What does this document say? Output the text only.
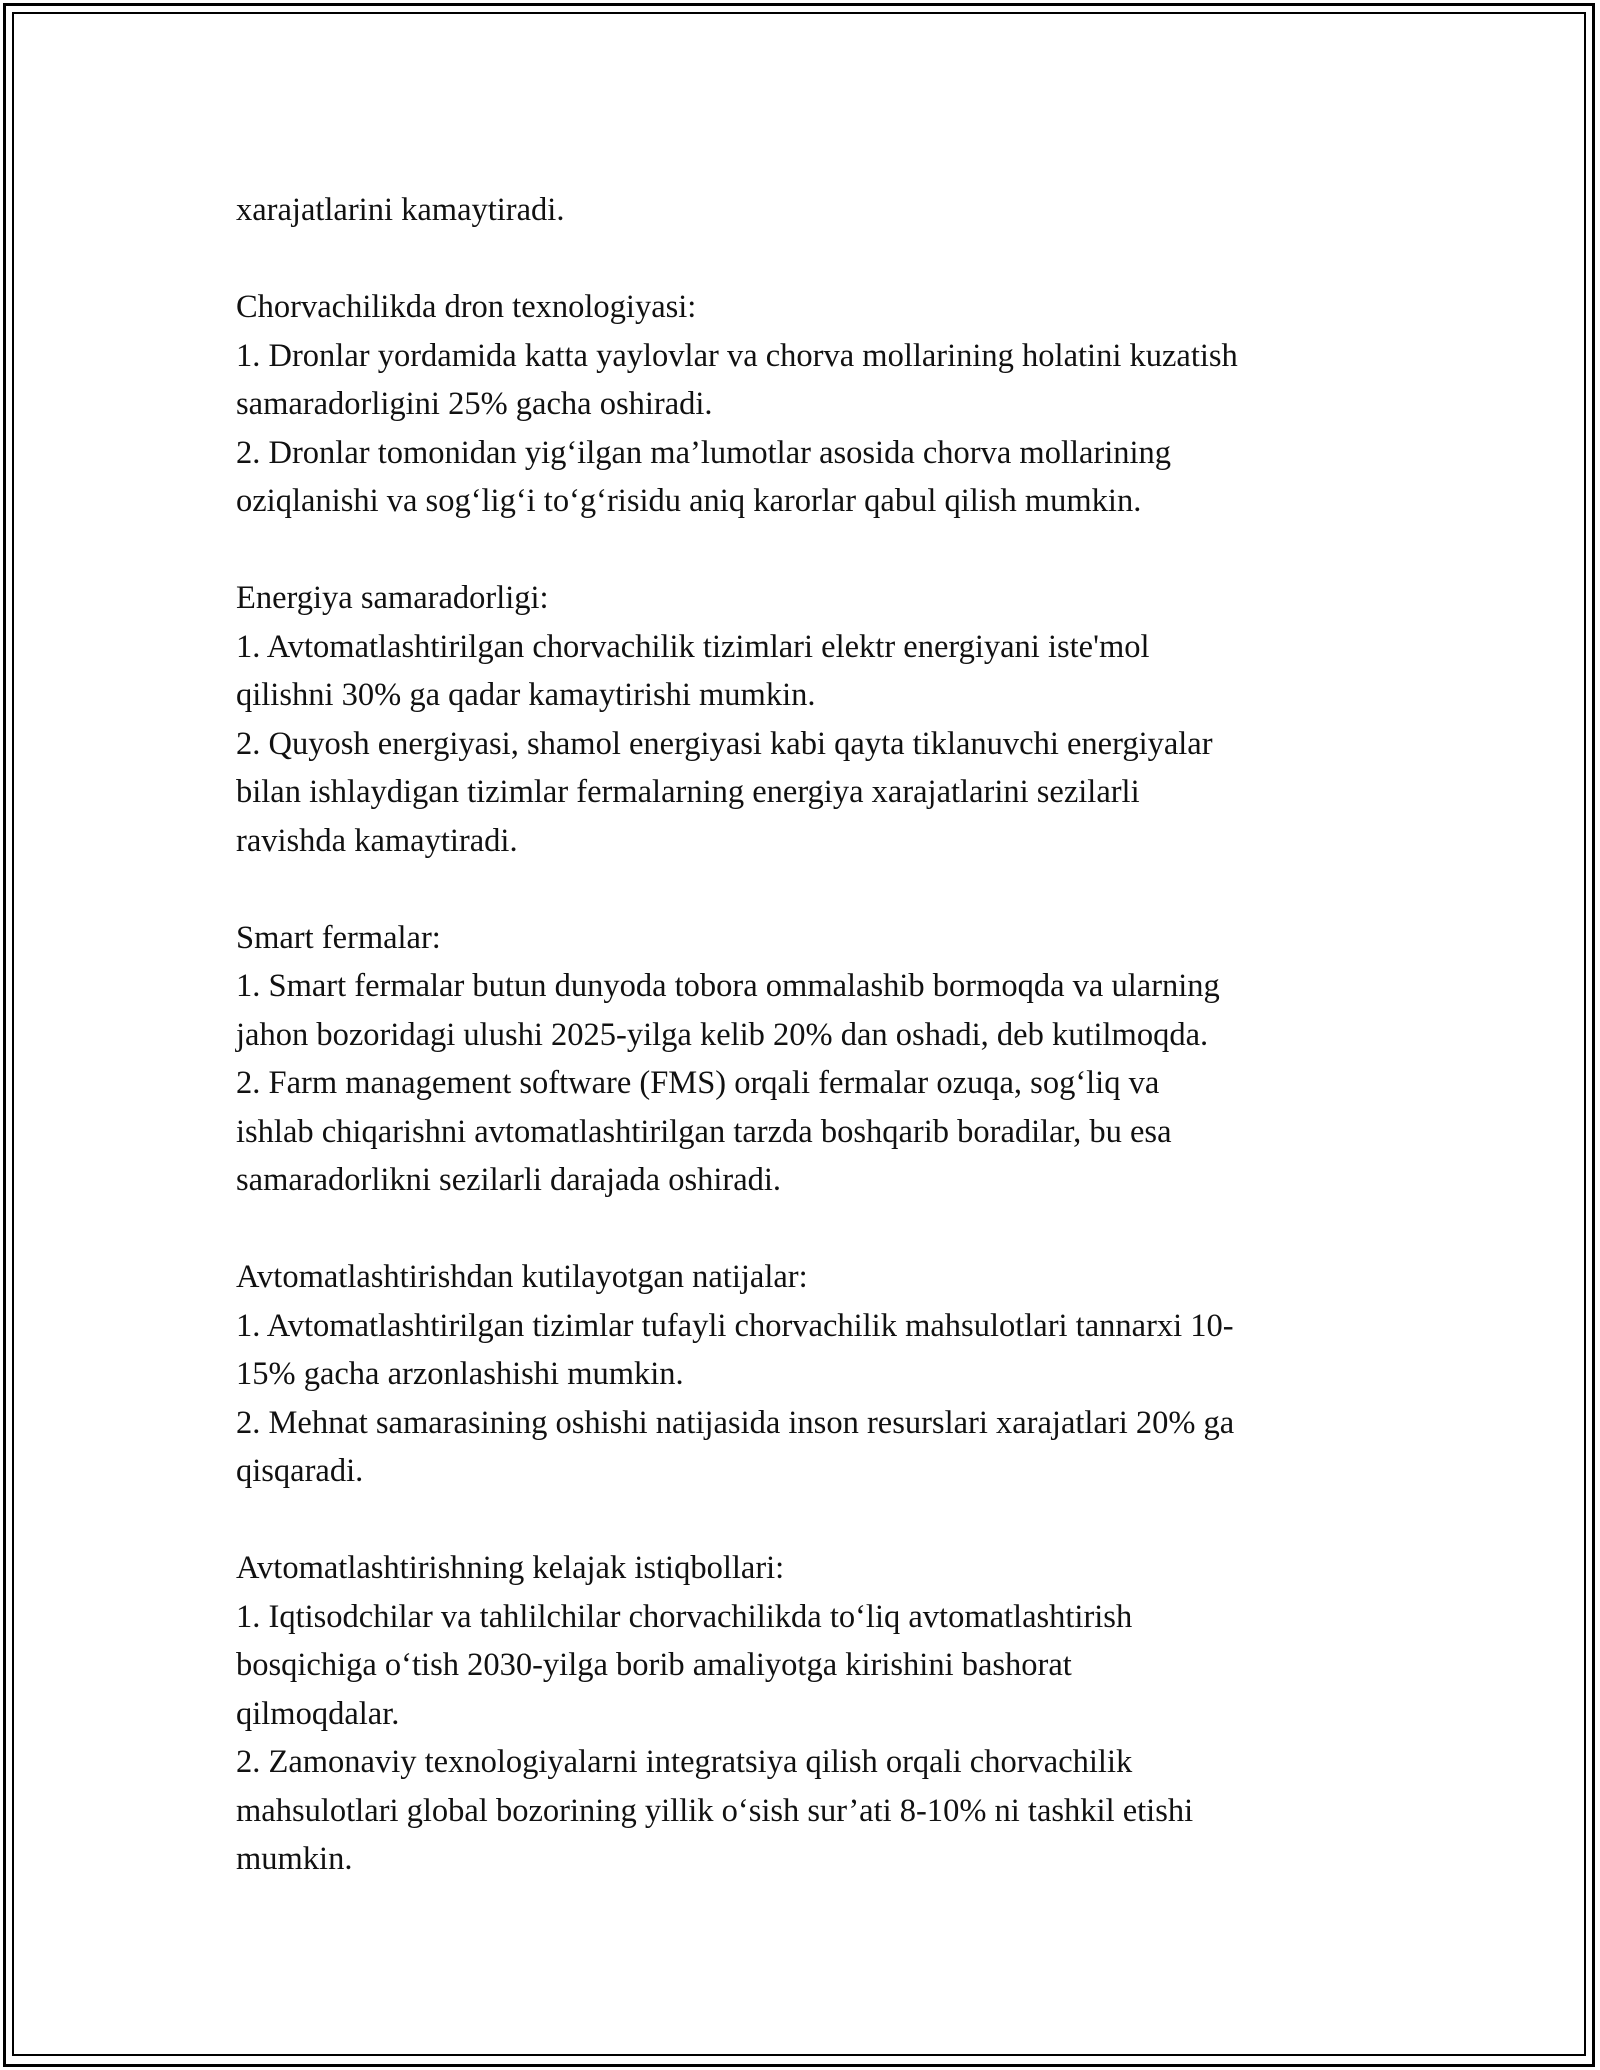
xarajatlarini kamaytiradi.
Chorvachilikda dron texnologiyasi:
1. Dronlar yordamida katta yaylovlar va chorva mollarining holatini kuzatish
samaradorligini 25% gacha oshiradi.
2. Dronlar tomonidan yig‘ilgan ma’lumotlar asosida chorva mollarining
oziqlanishi va sog‘lig‘i to‘g‘risidu aniq karorlar qabul qilish mumkin.
Energiya samaradorligi:
1. Avtomatlashtirilgan chorvachilik tizimlari elektr energiyani iste'mol
qilishni 30% ga qadar kamaytirishi mumkin.
2. Quyosh energiyasi, shamol energiyasi kabi qayta tiklanuvchi energiyalar
bilan ishlaydigan tizimlar fermalarning energiya xarajatlarini sezilarli
ravishda kamaytiradi.
Smart fermalar:
1. Smart fermalar butun dunyoda tobora ommalashib bormoqda va ularning
jahon bozoridagi ulushi 2025-yilga kelib 20% dan oshadi, deb kutilmoqda.
2. Farm management software (FMS) orqali fermalar ozuqa, sog‘liq va
ishlab chiqarishni avtomatlashtirilgan tarzda boshqarib boradilar, bu esa
samaradorlikni sezilarli darajada oshiradi.
Avtomatlashtirishdan kutilayotgan natijalar:
1. Avtomatlashtirilgan tizimlar tufayli chorvachilik mahsulotlari tannarxi 10-
15% gacha arzonlashishi mumkin.
2. Mehnat samarasining oshishi natijasida inson resurslari xarajatlari 20% ga
qisqaradi.
Avtomatlashtirishning kelajak istiqbollari:
1. Iqtisodchilar va tahlilchilar chorvachilikda to‘liq avtomatlashtirish
bosqichiga o‘tish 2030-yilga borib amaliyotga kirishini bashorat
qilmoqdalar.
2. Zamonaviy texnologiyalarni integratsiya qilish orqali chorvachilik
mahsulotlari global bozorining yillik o‘sish sur’ati 8-10% ni tashkil etishi
mumkin.
